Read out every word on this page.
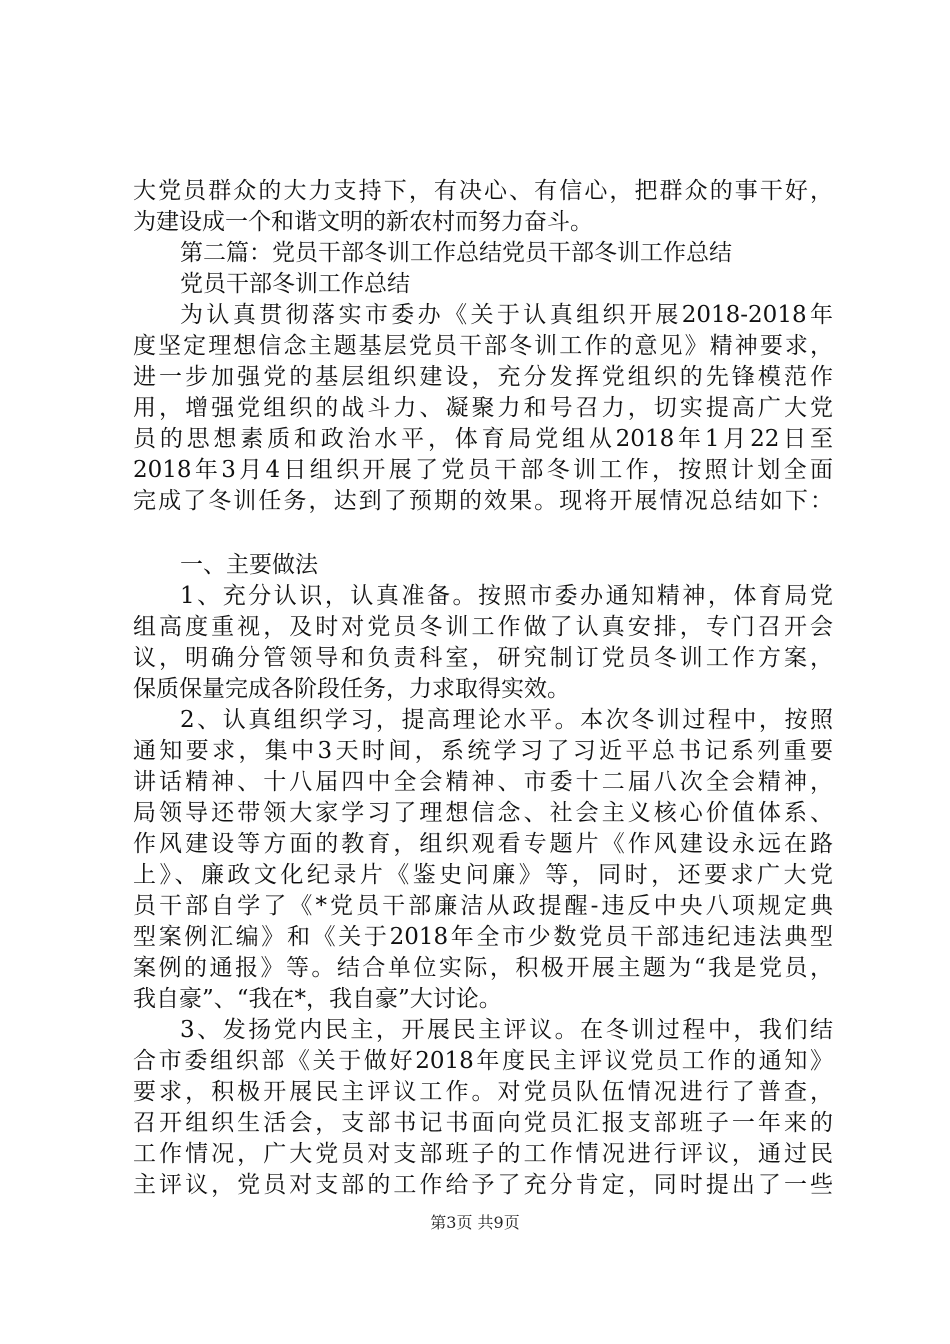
大党员群众的大力支持下，有决心、有信心，把群众的事干好，
为建设成一个和谐文明的新农村而努力奋斗。
第二篇：党员干部冬训工作总结党员干部冬训工作总结
党员干部冬训工作总结
为认真贯彻落实市委办《关于认真组织开展2018-2018年
度坚定理想信念主题基层党员干部冬训工作的意见》精神要求，
进一步加强党的基层组织建设，充分发挥党组织的先锋模范作
用，增强党组织的战斗力、凝聚力和号召力，切实提高广大党
员的思想素质和政治水平，体育局党组从2018年1月22日至
2018年3月4日组织开展了党员干部冬训工作，按照计划全面
完成了冬训任务，达到了预期的效果。现将开展情况总结如下：
一、主要做法
1、充分认识，认真准备。按照市委办通知精神，体育局党
组高度重视，及时对党员冬训工作做了认真安排，专门召开会
议，明确分管领导和负责科室，研究制订党员冬训工作方案，
保质保量完成各阶段任务，力求取得实效。
2、认真组织学习，提高理论水平。本次冬训过程中，按照
通知要求，集中3天时间，系统学习了习近平总书记系列重要
讲话精神、十八届四中全会精神、市委十二届八次全会精神，
局领导还带领大家学习了理想信念、社会主义核心价值体系、
作风建设等方面的教育，组织观看专题片《作风建设永远在路
上》、廉政文化纪录片《鉴史问廉》等，同时，还要求广大党
员干部自学了《*党员干部廉洁从政提醒-违反中央八项规定典
型案例汇编》和《关于2018年全市少数党员干部违纪违法典型
案例的通报》等。结合单位实际，积极开展主题为“我是党员，
我自豪”、“我在*，我自豪”大讨论。
3、发扬党内民主，开展民主评议。在冬训过程中，我们结
合市委组织部《关于做好2018年度民主评议党员工作的通知》
要求，积极开展民主评议工作。对党员队伍情况进行了普查，
召开组织生活会，支部书记书面向党员汇报支部班子一年来的
工作情况，广大党员对支部班子的工作情况进行评议，通过民
主评议，党员对支部的工作给予了充分肯定，同时提出了一些
第3页 共9页
